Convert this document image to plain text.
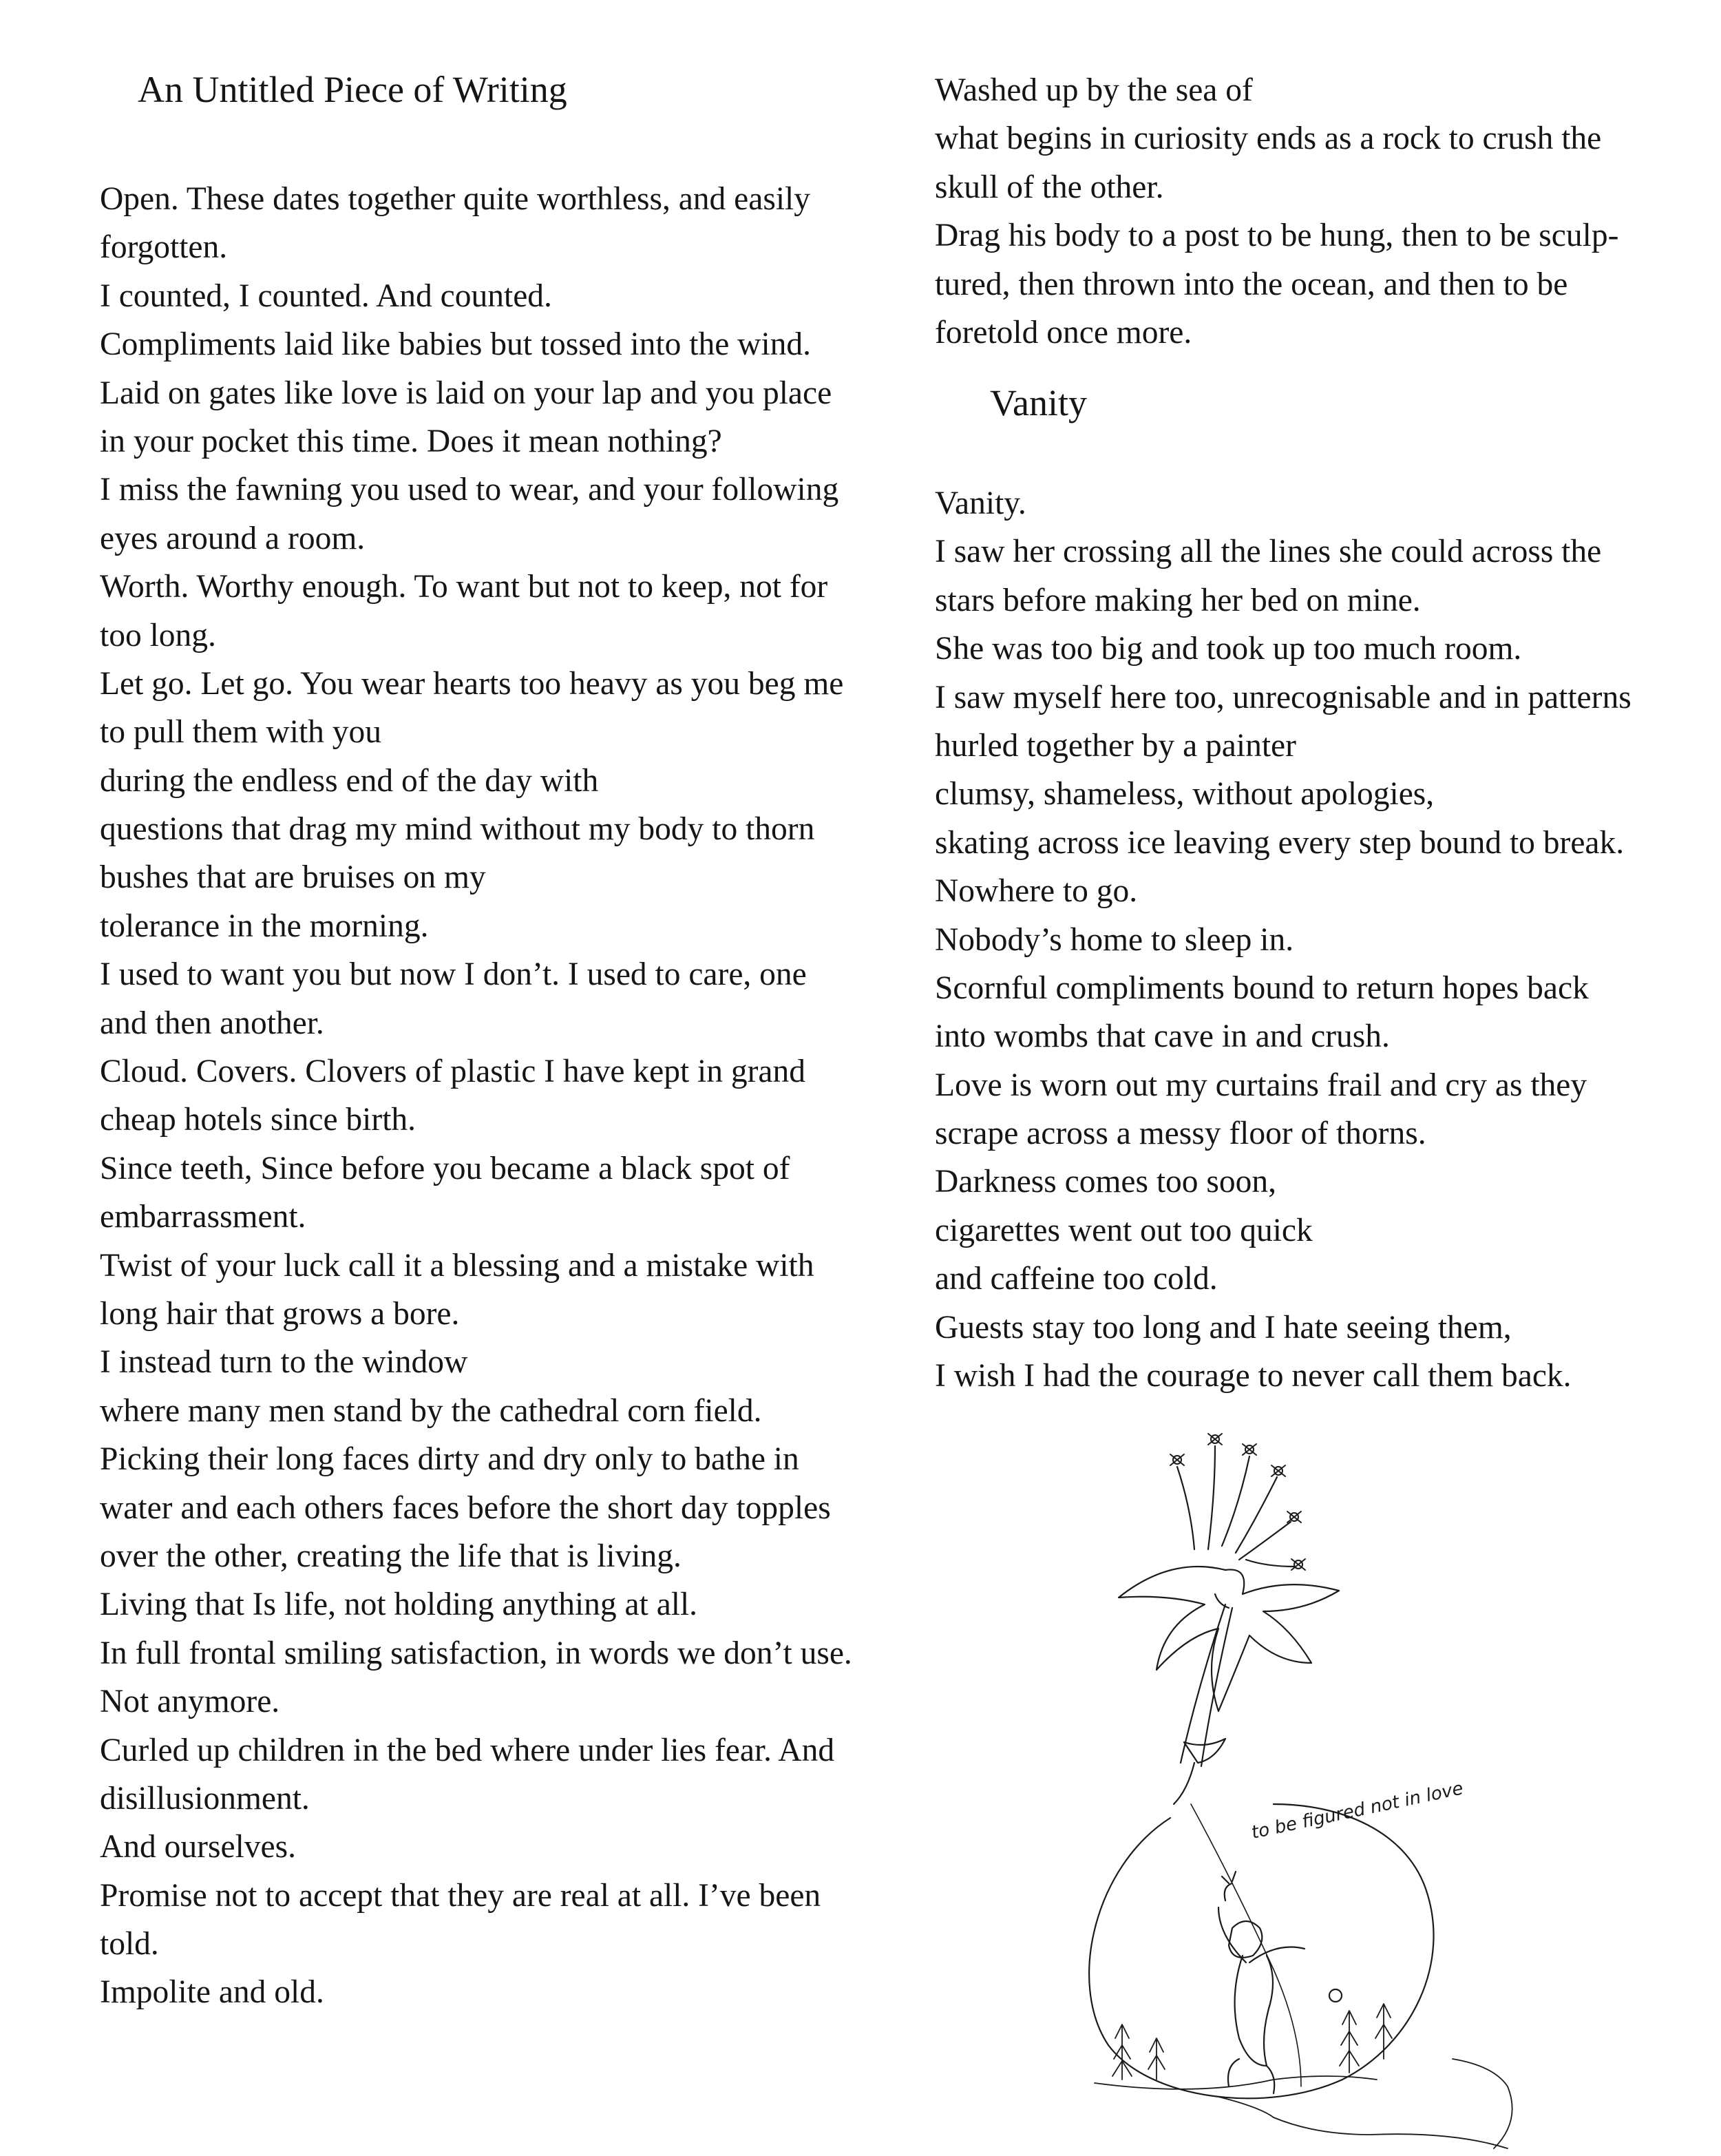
An Untitled Piece of Writing
Open. These dates together quite worthless, and easily
forgotten.
I counted, I counted. And counted.
Compliments laid like babies but tossed into the wind.
Laid on gates like love is laid on your lap and you place
in your pocket this time. Does it mean nothing?
I miss the fawning you used to wear, and your following
eyes around a room.
Worth. Worthy enough. To want but not to keep, not for
too long.
Let go. Let go. You wear hearts too heavy as you beg me
to pull them with you
during the endless end of the day with
questions that drag my mind without my body to thorn
bushes that are bruises on my
tolerance in the morning.
I used to want you but now I don’t. I used to care, one
and then another.
Cloud. Covers. Clovers of plastic I have kept in grand
cheap hotels since birth.
Since teeth, Since before you became a black spot of
embarrassment.
Twist of your luck call it a blessing and a mistake with
long hair that grows a bore.
I instead turn to the window
where many men stand by the cathedral corn field.
Picking their long faces dirty and dry only to bathe in
water and each others faces before the short day topples
over the other, creating the life that is living.
Living that Is life, not holding anything at all.
In full frontal smiling satisfaction, in words we don’t use.
Not anymore.
Curled up children in the bed where under lies fear. And
disillusionment.
And ourselves.
Promise not to accept that they are real at all. I’ve been
told.
Impolite and old.
Washed up by the sea of
what begins in curiosity ends as a rock to crush the
skull of the other.
Drag his body to a post to be hung, then to be sculp-
tured, then thrown into the ocean, and then to be
foretold once more.
Vanity
Vanity.
I saw her crossing all the lines she could across the
stars before making her bed on mine.
She was too big and took up too much room.
I saw myself here too, unrecognisable and in patterns
hurled together by a painter
clumsy, shameless, without apologies,
skating across ice leaving every step bound to break.
Nowhere to go.
Nobody’s home to sleep in.
Scornful compliments bound to return hopes back
into wombs that cave in and crush.
Love is worn out my curtains frail and cry as they
scrape across a messy floor of thorns.
Darkness comes too soon,
cigarettes went out too quick
and caffeine too cold.
Guests stay too long and I hate seeing them,
I wish I had the courage to never call them back.
to be figured not in love
